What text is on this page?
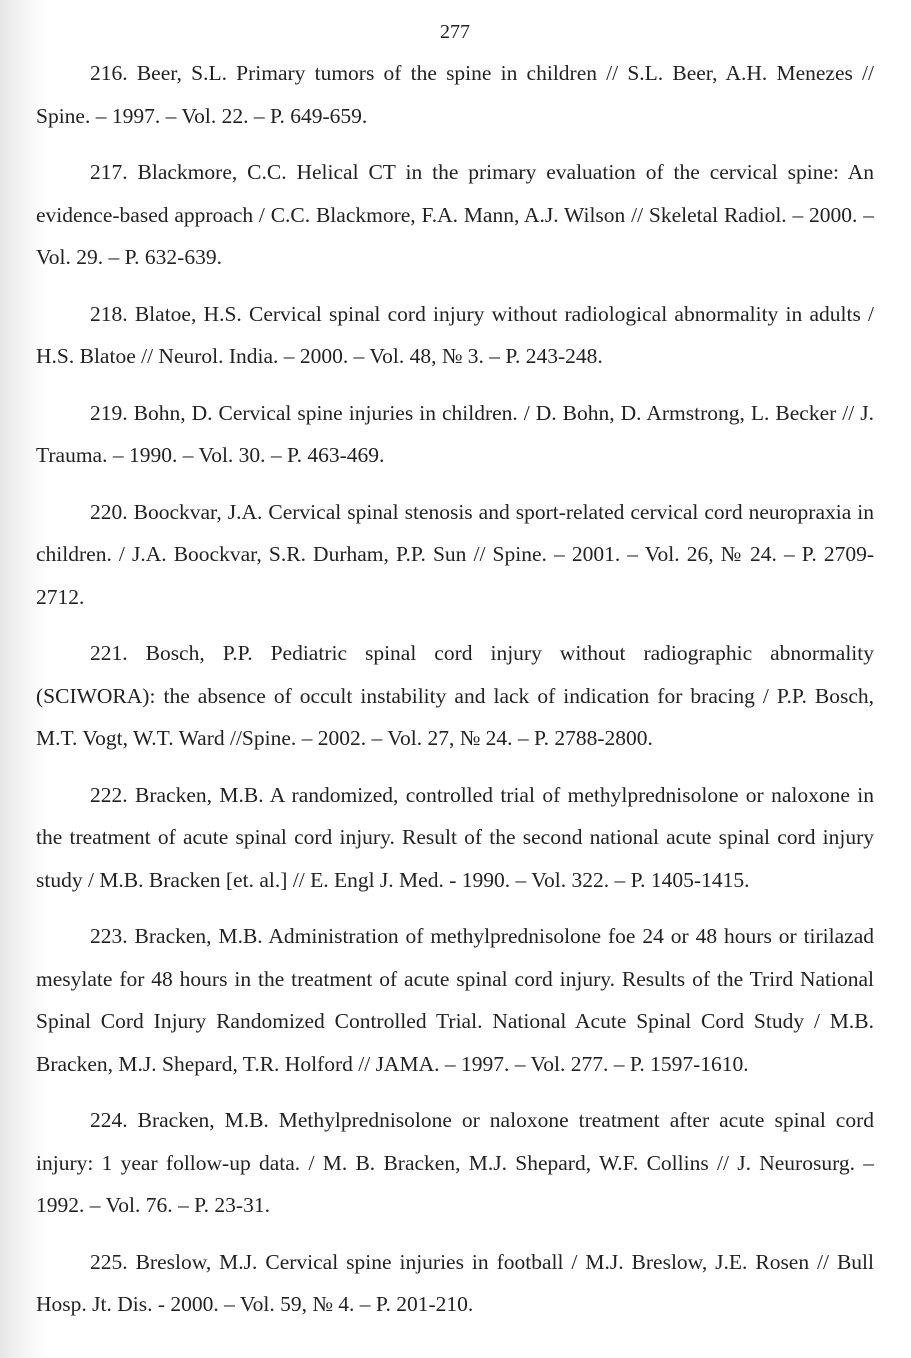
277

216. Beer, S.L. Primary tumors of the spine in children // S.L. Beer, A.H. Menezes // Spine. – 1997. – Vol. 22. – P. 649-659.

217. Blackmore, C.C. Helical CT in the primary evaluation of the cervical spine: An evidence-based approach / C.C. Blackmore, F.A. Mann, A.J. Wilson // Skeletal Radiol. – 2000. – Vol. 29. – P. 632-639.

218. Blatoe, H.S. Cervical spinal cord injury without radiological abnormality in adults / H.S. Blatoe // Neurol. India. – 2000. – Vol. 48, № 3. – P. 243-248.

219. Bohn, D. Cervical spine injuries in children. / D. Bohn, D. Armstrong, L. Becker // J. Trauma. – 1990. – Vol. 30. – P. 463-469.

220. Boockvar, J.A. Cervical spinal stenosis and sport-related cervical cord neuropraxia in children. / J.A. Boockvar, S.R. Durham, P.P. Sun // Spine. – 2001. – Vol. 26, № 24. – P. 2709-2712.

221. Bosch, P.P. Pediatric spinal cord injury without radiographic abnormality (SCIWORA): the absence of occult instability and lack of indication for bracing / P.P. Bosch, M.T. Vogt, W.T. Ward //Spine. – 2002. – Vol. 27, № 24. – P. 2788-2800.

222. Bracken, M.B. A randomized, controlled trial of methylprednisolone or naloxone in the treatment of acute spinal cord injury. Result of the second national acute spinal cord injury study / M.B. Bracken [et. al.] // E. Engl J. Med. - 1990. – Vol. 322. – P. 1405-1415.

223. Bracken, M.B. Administration of methylprednisolone foe 24 or 48 hours or tirilazad mesylate for 48 hours in the treatment of acute spinal cord injury. Results of the Trird National Spinal Cord Injury Randomized Controlled Trial. National Acute Spinal Cord Study / M.B. Bracken, M.J. Shepard, T.R. Holford // JAMA. – 1997. – Vol. 277. – P. 1597-1610.

224. Bracken, M.B. Methylprednisolone or naloxone treatment after acute spinal cord injury: 1 year follow-up data. / M. B. Bracken, M.J. Shepard, W.F. Collins // J. Neurosurg. – 1992. – Vol. 76. – P. 23-31.

225. Breslow, M.J. Cervical spine injuries in football / M.J. Breslow, J.E. Rosen // Bull Hosp. Jt. Dis. - 2000. – Vol. 59, № 4. – P. 201-210.
